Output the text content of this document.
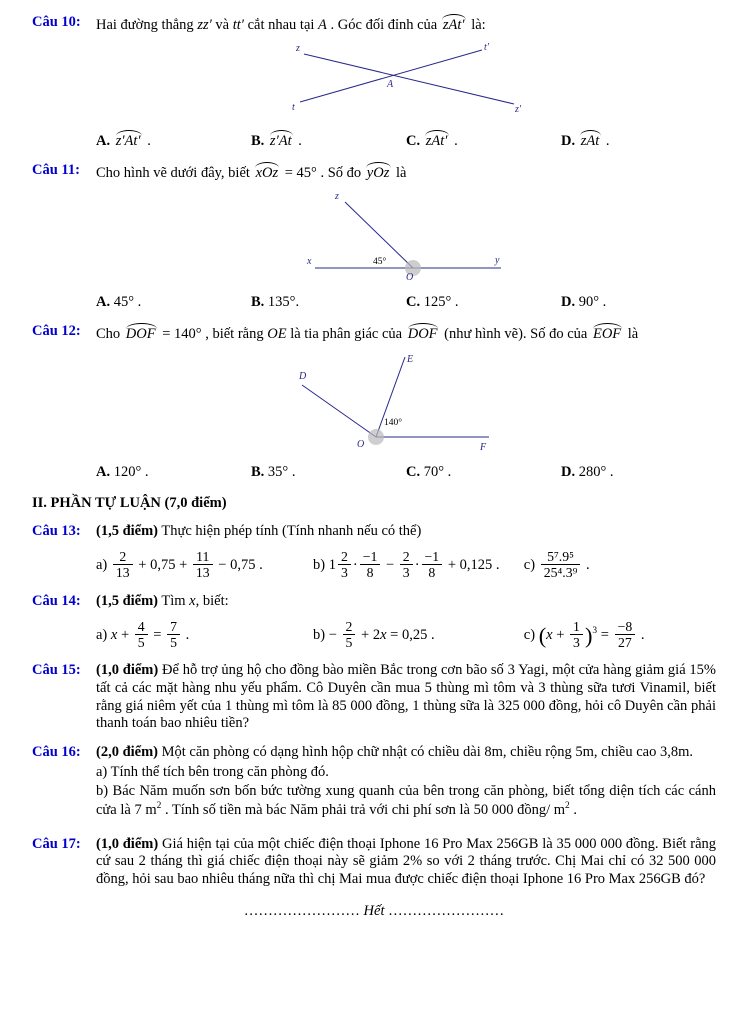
Câu 10:	Hai đường thẳng zz′ và tt′ cắt nhau tại A . Góc đối đỉnh của zAt′ là:
z	t′
t	z′
A
A. z′At′ .	B. z′At .	C. zAt′ .	D. zAt .
Câu 11:	Cho hình vẽ dưới đây, biết xOz = 45° . Số đo yOz là
z
x	y
O
45°
A. 45° .	B. 135°.	C. 125° .	D. 90° .
Câu 12:	Cho DOF = 140° , biết rằng OE là tia phân giác của DOF (như hình vẽ). Số đo của EOF là
D
E
F
O
140°
A. 120° .	B. 35° .	C. 70° .	D. 280° .
II. PHẦN TỰ LUẬN (7,0 điểm)
Câu 13:	(1,5 điểm) Thực hiện phép tính (Tính nhanh nếu có thể)
$a) \frac{2}{13} + 0,75 + \frac{11}{13} - 0,75$ .	b) $1 \frac{2}{3} \cdot \frac{-1}{8} - \frac{2}{3} \cdot \frac{-1}{8} + 0,125$ .	$c) \frac{\text{5⁷.9⁵}}{\text{25⁴.3⁹}}$ .
Câu 14:	(1,5 điểm) Tìm x, biết:
a) $x + \frac{4}{5} = \frac{7}{5}$ .	$b) - \frac{2}{5} + 2x = 0,25$ .	c) $(x + \frac{1}{3} )^3 = \frac{-8}{27}$ .
Câu 15:	(1,0 điểm) Để hỗ trợ ủng hộ cho đồng bào miền Bắc trong cơn bão số 3 Yagi, một cửa hàng giảm giá 15% tất cả các mặt hàng nhu yếu phẩm. Cô Duyên cần mua 5 thùng mì tôm và 3 thùng sữa tươi Vinamil, biết rằng giá niêm yết của 1 thùng mì tôm là 85 000 đồng, 1 thùng sữa là 325 000 đồng, hỏi cô Duyên cần phải thanh toán bao nhiêu tiền?
Câu 16:	(2,0 điểm) Một căn phòng có dạng hình hộp chữ nhật có chiều dài 8m, chiều rộng 5m, chiều cao 3,8m.
a) Tính thể tích bên trong căn phòng đó.
b) Bác Năm muốn sơn bốn bức tường xung quanh của bên trong căn phòng, biết tổng diện tích các cánh cửa là 7 $m^2$ . Tính số tiền mà bác Năm phải trả với chi phí sơn là 50 000 đồng/ $m^2$ .
Câu 17:	(1,0 điểm) Giá hiện tại của một chiếc điện thoại Iphone 16 Pro Max 256GB là 35 000 000 đồng. Biết rằng cứ sau 2 tháng thì giá chiếc điện thoại này sẽ giảm 2% so với 2 tháng trước. Chị Mai chỉ có 32 500 000 đồng, hỏi sau bao nhiêu tháng nữa thì chị Mai mua được chiếc điện thoại Iphone 16 Pro Max 256GB đó?
…………………… Hết ……………………
